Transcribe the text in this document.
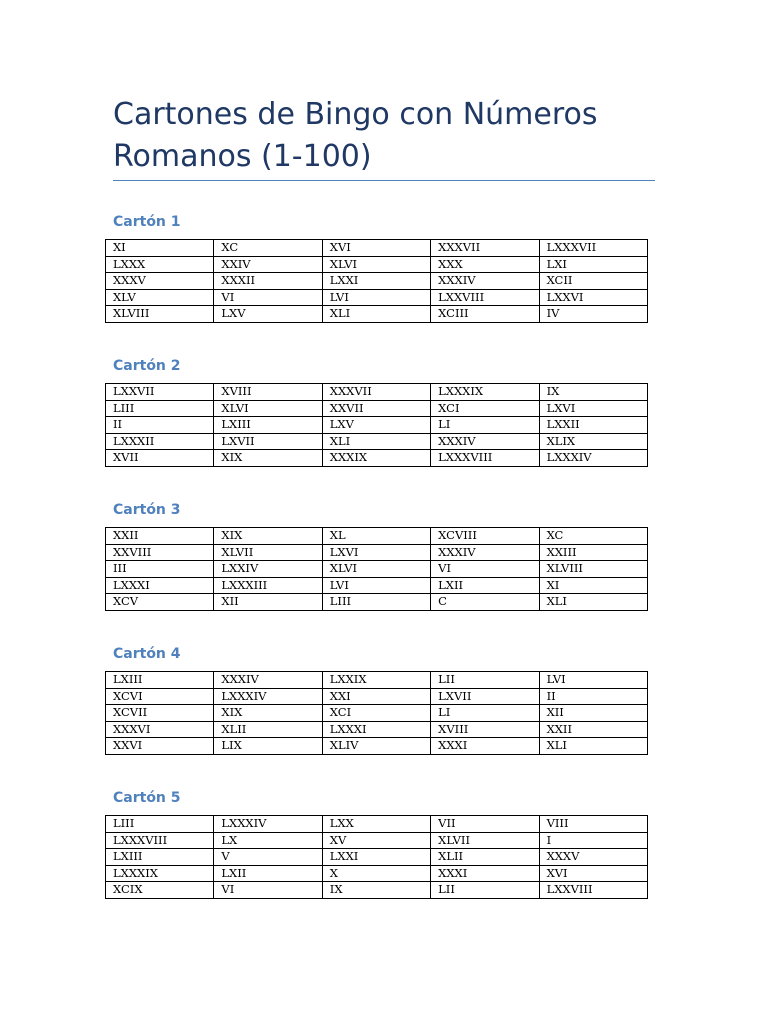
Cartones de Bingo con Números Romanos (1-100)
Cartón 1
XI	XC	XVI	XXXVII	LXXXVII
LXXX	XXIV	XLVI	XXX	LXI
XXXV	XXXII	LXXI	XXXIV	XCII
XLV	VI	LVI	LXXVIII	LXXVI
XLVIII	LXV	XLI	XCIII	IV
Cartón 2
LXXVII	XVIII	XXXVII	LXXXIX	IX
LIII	XLVI	XXVII	XCI	LXVI
II	LXIII	LXV	LI	LXXII
LXXXII	LXVII	XLI	XXXIV	XLIX
XVII	XIX	XXXIX	LXXXVIII	LXXXIV
Cartón 3
XXII	XIX	XL	XCVIII	XC
XXVIII	XLVII	LXVI	XXXIV	XXIII
III	LXXIV	XLVI	VI	XLVIII
LXXXI	LXXXIII	LVI	LXII	XI
XCV	XII	LIII	C	XLI
Cartón 4
LXIII	XXXIV	LXXIX	LII	LVI
XCVI	LXXXIV	XXI	LXVII	II
XCVII	XIX	XCI	LI	XII
XXXVI	XLII	LXXXI	XVIII	XXII
XXVI	LIX	XLIV	XXXI	XLI
Cartón 5
LIII	LXXXIV	LXX	VII	VIII
LXXXVIII	LX	XV	XLVII	I
LXIII	V	LXXI	XLII	XXXV
LXXXIX	LXII	X	XXXI	XVI
XCIX	VI	IX	LII	LXXVIII
